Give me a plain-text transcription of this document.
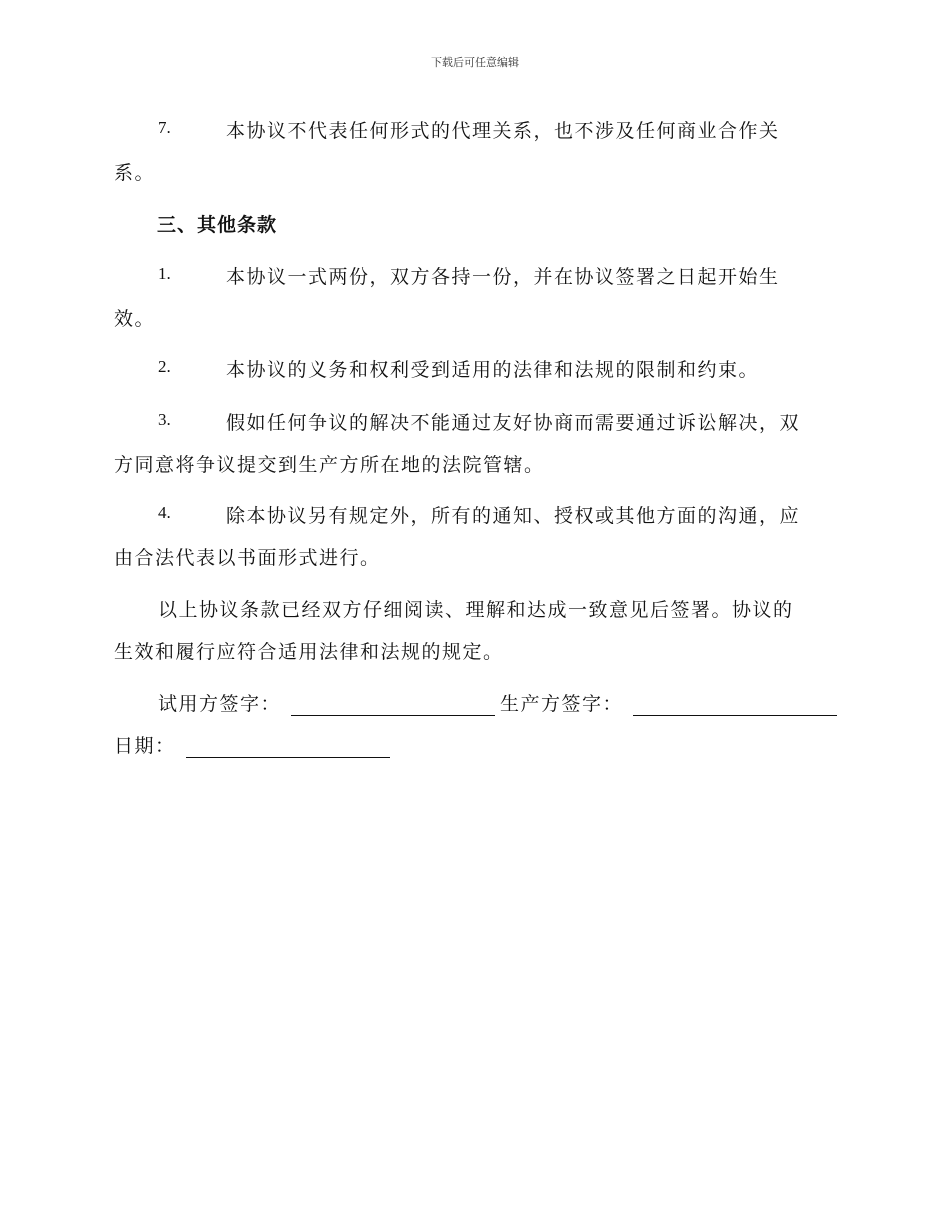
下载后可任意编辑
7.	本协议不代表任何形式的代理关系，也不涉及任何商业合作关
系。
三、其他条款
1.	本协议一式两份，双方各持一份，并在协议签署之日起开始生
效。
2.	本协议的义务和权利受到适用的法律和法规的限制和约束。
3.	假如任何争议的解决不能通过友好协商而需要通过诉讼解决，双
方同意将争议提交到生产方所在地的法院管辖。
4.	除本协议另有规定外，所有的通知、授权或其他方面的沟通，应
由合法代表以书面形式进行。
以上协议条款已经双方仔细阅读、理解和达成一致意见后签署。协议的
生效和履行应符合适用法律和法规的规定。
试用方签字：	生产方签字：
日期：
